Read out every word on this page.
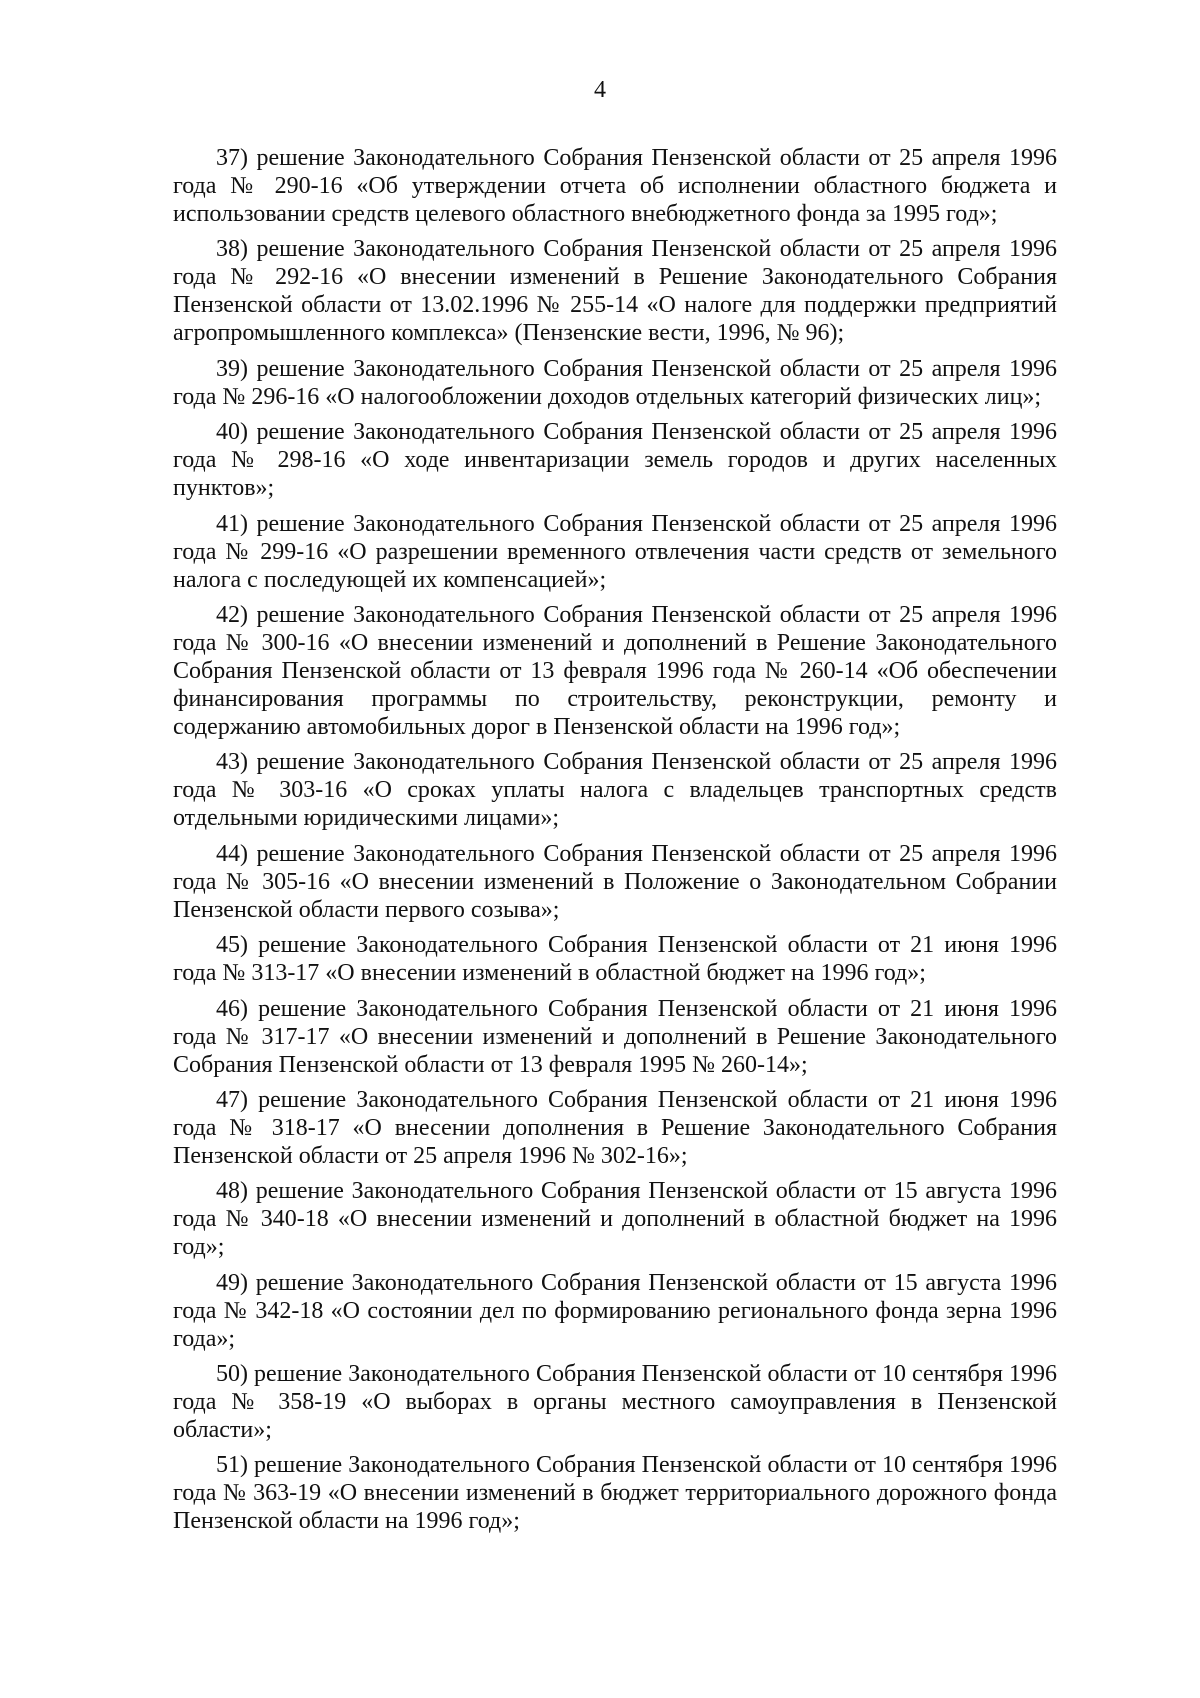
4

37) решение Законодательного Собрания Пензенской области от 25 апреля 1996 года № 290-16 «Об утверждении отчета об исполнении областного бюджета и использовании средств целевого областного внебюджетного фонда за 1995 год»;

38) решение Законодательного Собрания Пензенской области от 25 апреля 1996 года № 292-16 «О внесении изменений в Решение Законодательного Собрания Пензенской области от 13.02.1996 № 255-14 «О налоге для поддержки предприятий агропромышленного комплекса» (Пензенские вести, 1996, № 96);

39) решение Законодательного Собрания Пензенской области от 25 апреля 1996 года № 296-16 «О налогообложении доходов отдельных категорий физических лиц»;

40) решение Законодательного Собрания Пензенской области от 25 апреля 1996 года № 298-16 «О ходе инвентаризации земель городов и других населенных пунктов»;

41) решение Законодательного Собрания Пензенской области от 25 апреля 1996 года № 299-16 «О разрешении временного отвлечения части средств от земельного налога с последующей их компенсацией»;

42) решение Законодательного Собрания Пензенской области от 25 апреля 1996 года № 300-16 «О внесении изменений и дополнений в Решение Законодательного Собрания Пензенской области от 13 февраля 1996 года № 260-14 «Об обеспечении финансирования программы по строительству, реконструкции, ремонту и содержанию автомобильных дорог в Пензенской области на 1996 год»;

43) решение Законодательного Собрания Пензенской области от 25 апреля 1996 года № 303-16 «О сроках уплаты налога с владельцев транспортных средств отдельными юридическими лицами»;

44) решение Законодательного Собрания Пензенской области от 25 апреля 1996 года № 305-16 «О внесении изменений в Положение о Законодательном Собрании Пензенской области первого созыва»;

45) решение Законодательного Собрания Пензенской области от 21 июня 1996 года № 313-17 «О внесении изменений в областной бюджет на 1996 год»;

46) решение Законодательного Собрания Пензенской области от 21 июня 1996 года № 317-17 «О внесении изменений и дополнений в Решение Законодательного Собрания Пензенской области от 13 февраля 1995 № 260-14»;

47) решение Законодательного Собрания Пензенской области от 21 июня 1996 года № 318-17 «О внесении дополнения в Решение Законодательного Собрания Пензенской области от 25 апреля 1996 № 302-16»;

48) решение Законодательного Собрания Пензенской области от 15 августа 1996 года № 340-18 «О внесении изменений и дополнений в областной бюджет на 1996 год»;

49) решение Законодательного Собрания Пензенской области от 15 августа 1996 года № 342-18 «О состоянии дел по формированию регионального фонда зерна 1996 года»;

50) решение Законодательного Собрания Пензенской области от 10 сентября 1996 года № 358-19 «О выборах в органы местного самоуправления в Пензенской области»;

51) решение Законодательного Собрания Пензенской области от 10 сентября 1996 года № 363-19 «О внесении изменений в бюджет территориального дорожного фонда Пензенской области на 1996 год»;
